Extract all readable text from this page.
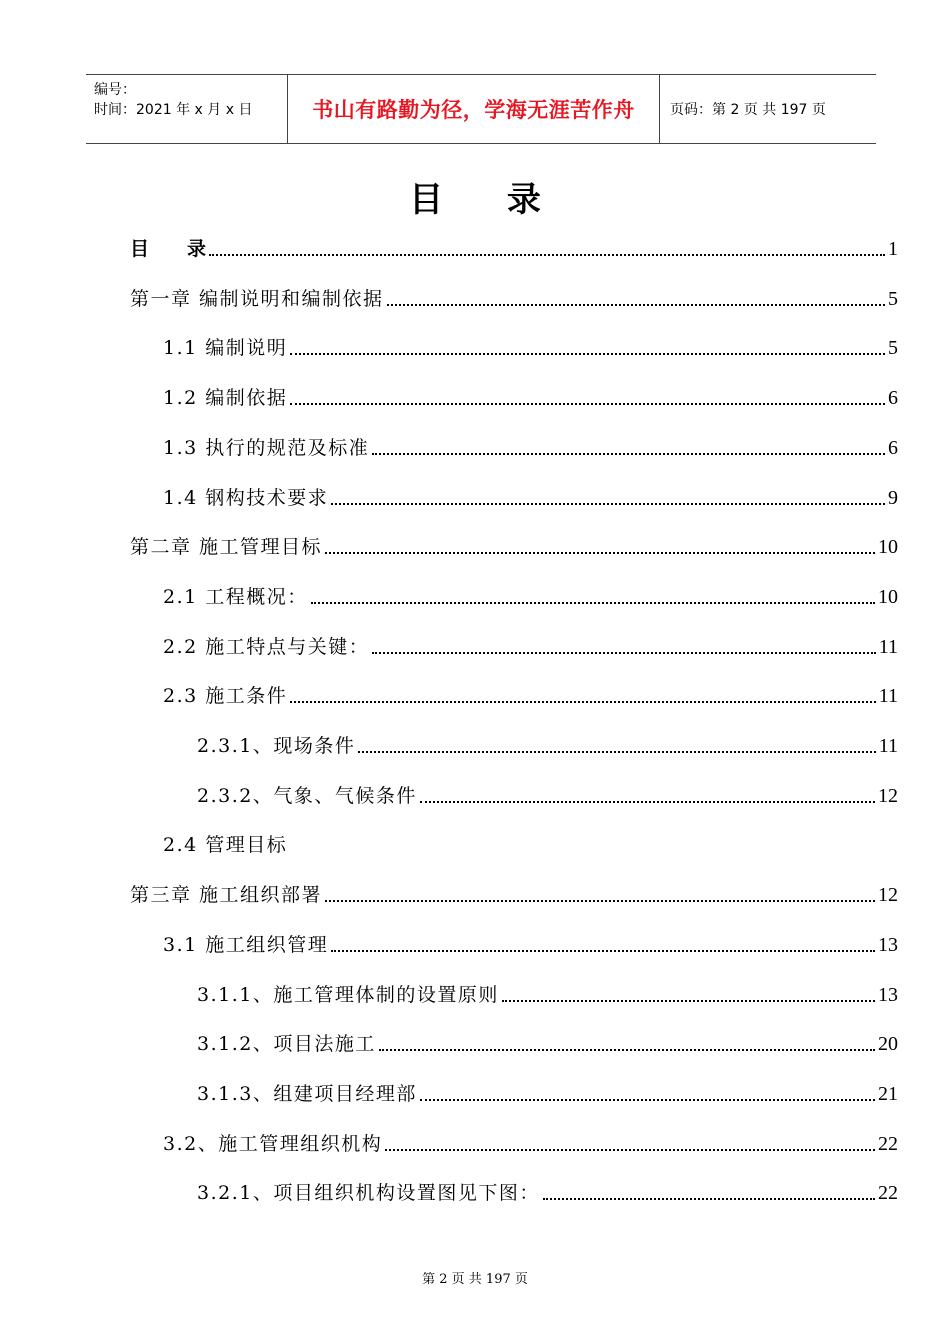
编号：
时间：2021 年 x 月 x 日	书山有路勤为径，学海无涯苦作舟	页码：第 2 页 共 197 页
目 录
目　　录	1
第一章 编制说明和编制依据	5
1.1 编制说明	5
1.2 编制依据	6
1.3 执行的规范及标准	6
1.4 钢构技术要求	9
第二章 施工管理目标	10
2.1 工程概况：	10
2.2 施工特点与关键：	11
2.3 施工条件	11
2.3.1、现场条件	11
2.3.2、气象、气候条件	12
2.4 管理目标
第三章 施工组织部署	12
3.1 施工组织管理	13
3.1.1、施工管理体制的设置原则	13
3.1.2、项目法施工	20
3.1.3、组建项目经理部	21
3.2、施工管理组织机构	22
3.2.1、项目组织机构设置图见下图：	22
第 2 页 共 197 页
